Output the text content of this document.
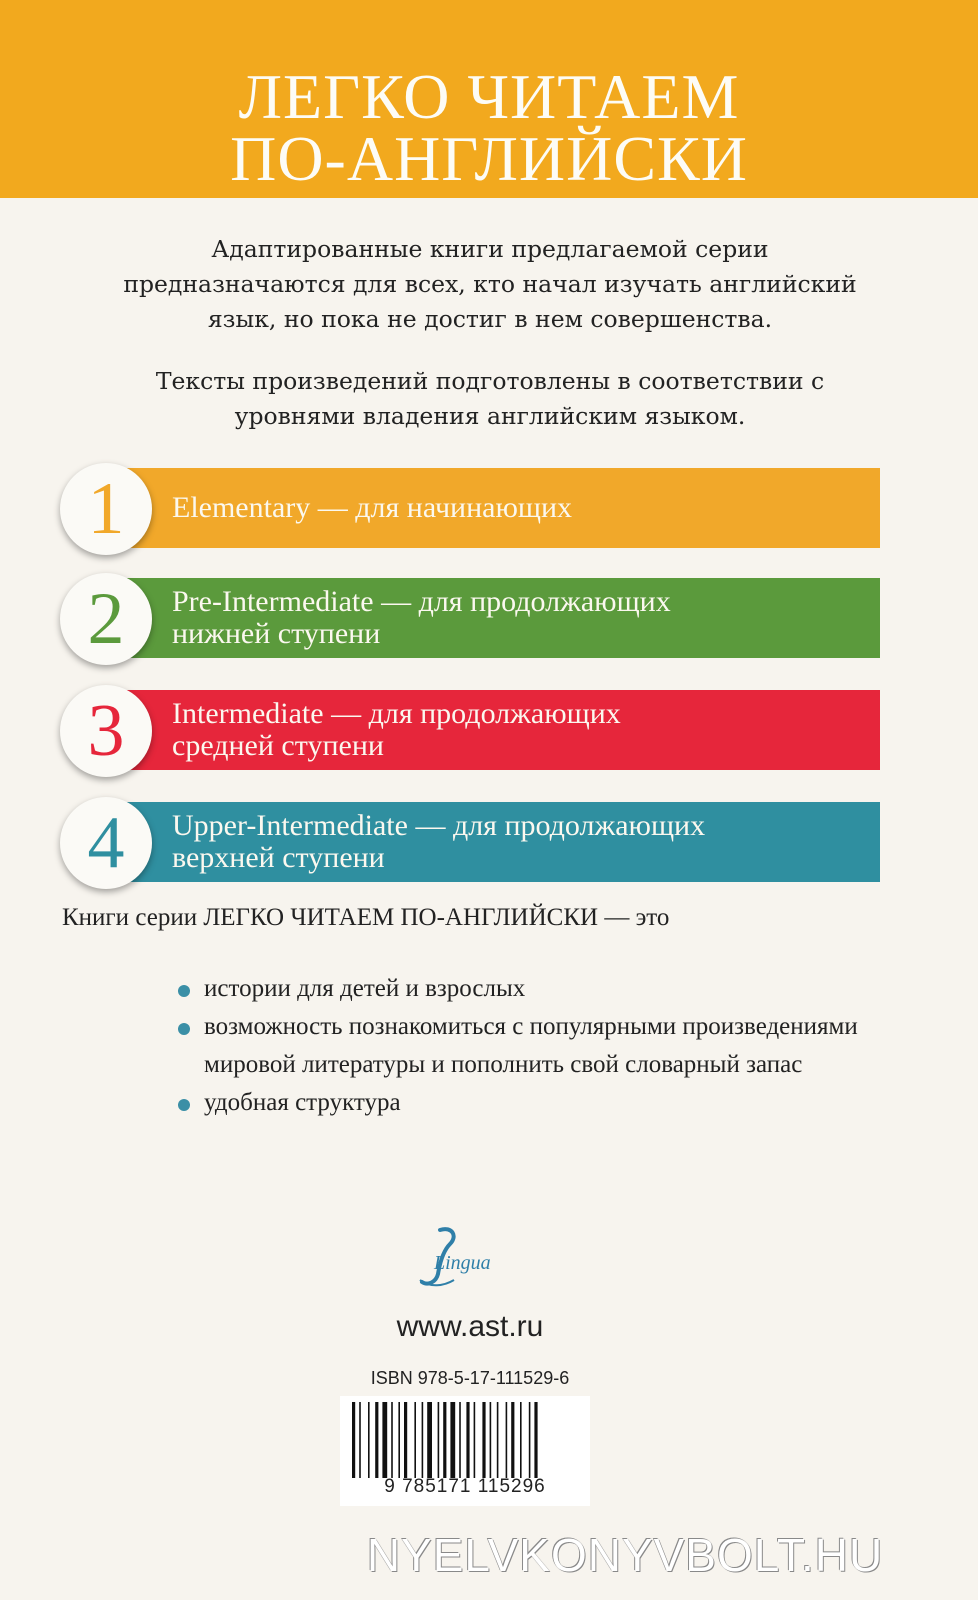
ЛЕГКО ЧИТАЕМ
ПО-АНГЛИЙСКИ
Адаптированные книги предлагаемой серии предназначаются для всех, кто начал изучать английский язык, но пока не достиг в нем совершенства.
Тексты произведений подготовлены в соответствии с уровнями владения английским языком.
1	Elementary — для начинающих
2	Pre-Intermediate — для продолжающих
нижней ступени
3	Intermediate — для продолжающих
средней ступени
4	Upper-Intermediate — для продолжающих
верхней ступени
Книги серии ЛЕГКО ЧИТАЕМ ПО-АНГЛИЙСКИ — это
истории для детей и взрослых
возможность познакомиться с популярными произведениями мировой литературы и пополнить свой словарный запас
удобная структура
Lingua
www.ast.ru
ISBN 978-5-17-111529-6
9 785171 115296
NYELVKONYVBOLT.HU
